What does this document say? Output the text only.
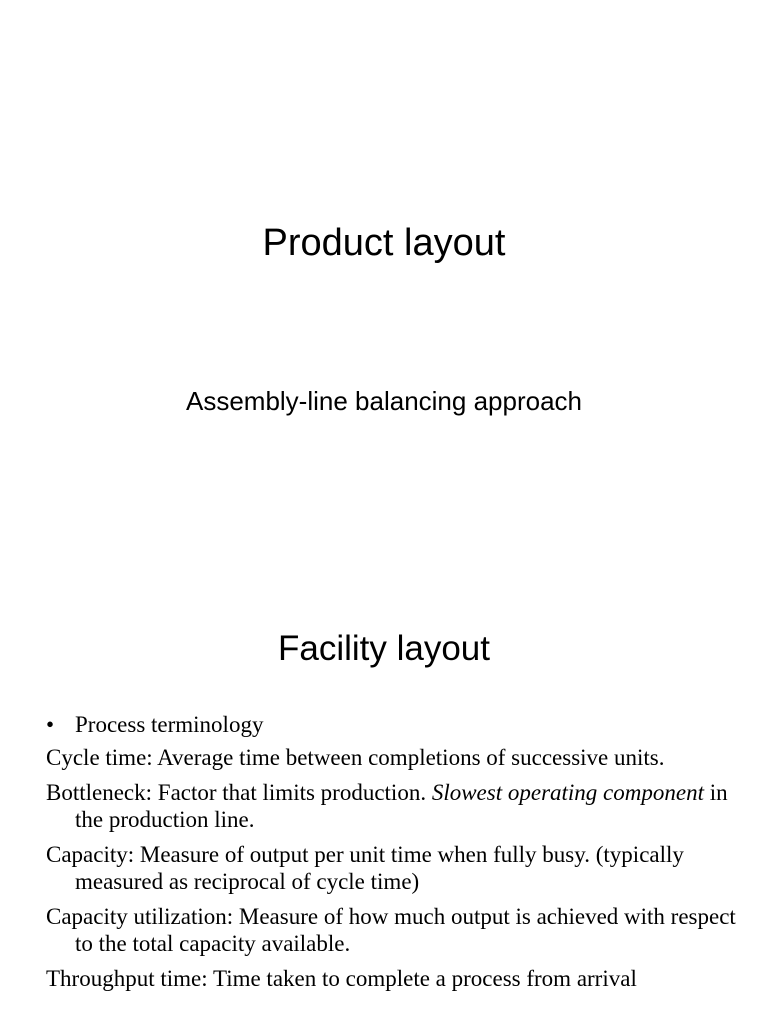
Product layout
Assembly-line balancing approach
Facility layout
• Process terminology

Cycle time: Average time between completions of successive units.

Bottleneck: Factor that limits production. Slowest operating component in the production line.

Capacity: Measure of output per unit time when fully busy. (typically measured as reciprocal of cycle time)

Capacity utilization: Measure of how much output is achieved with respect to the total capacity available.

Throughput time: Time taken to complete a process from arrival
